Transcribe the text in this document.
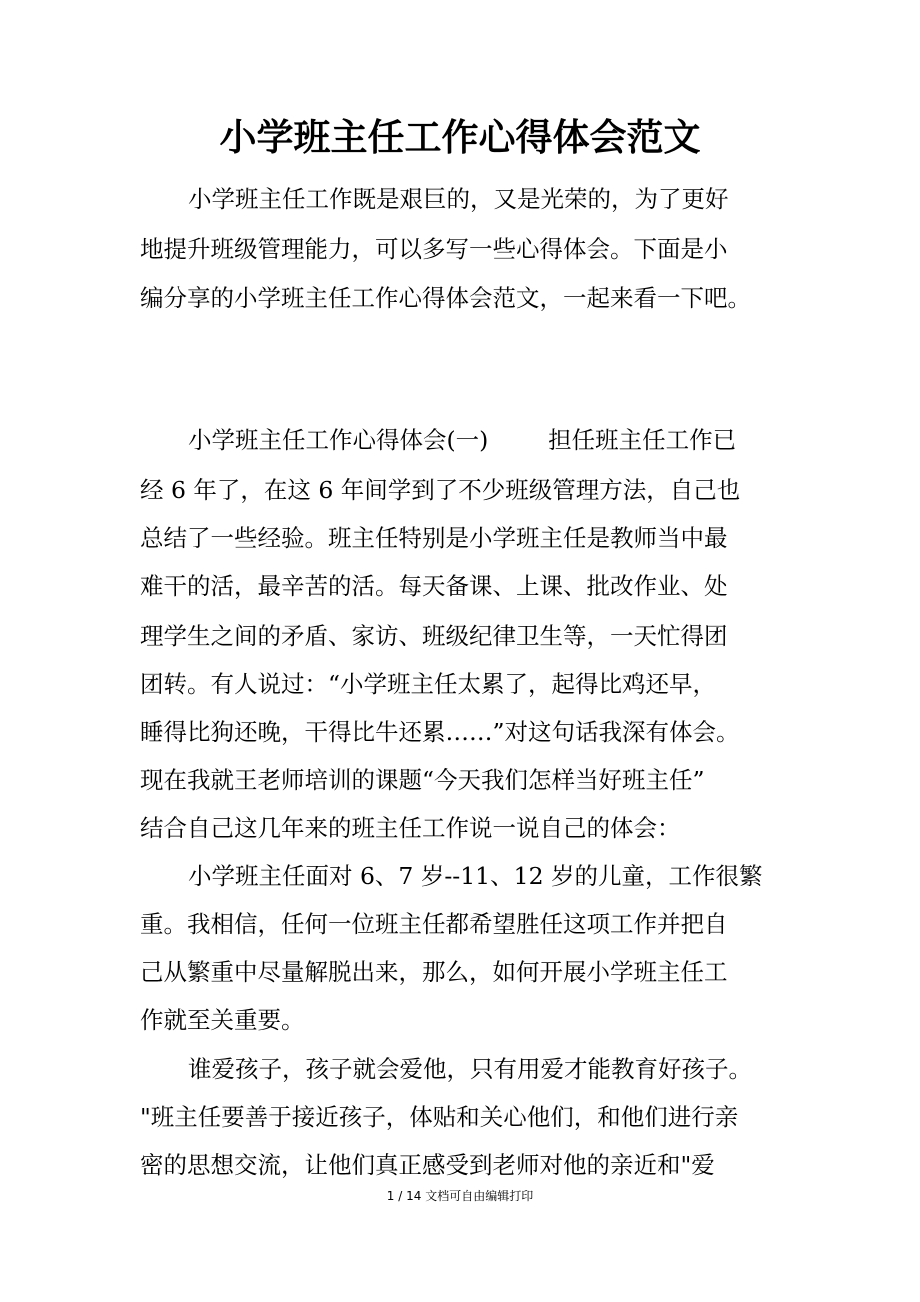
小学班主任工作心得体会范文
小学班主任工作既是艰巨的，又是光荣的，为了更好
地提升班级管理能力，可以多写一些心得体会。下面是小
编分享的小学班主任工作心得体会范文，一起来看一下吧。
小学班主任工作心得体会(一)        担任班主任工作已
经 6 年了，在这 6 年间学到了不少班级管理方法，自己也
总结了一些经验。班主任特别是小学班主任是教师当中最
难干的活，最辛苦的活。每天备课、上课、批改作业、处
理学生之间的矛盾、家访、班级纪律卫生等，一天忙得团
团转。有人说过：“小学班主任太累了，起得比鸡还早，
睡得比狗还晚，干得比牛还累……”对这句话我深有体会。
现在我就王老师培训的课题“今天我们怎样当好班主任”
结合自己这几年来的班主任工作说一说自己的体会：
小学班主任面对 6、7 岁--11、12 岁的儿童，工作很繁
重。我相信，任何一位班主任都希望胜任这项工作并把自
己从繁重中尽量解脱出来，那么，如何开展小学班主任工
作就至关重要。
谁爱孩子，孩子就会爱他，只有用爱才能教育好孩子。
"班主任要善于接近孩子，体贴和关心他们，和他们进行亲
密的思想交流，让他们真正感受到老师对他的亲近和"爱
1 / 14 文档可自由编辑打印
